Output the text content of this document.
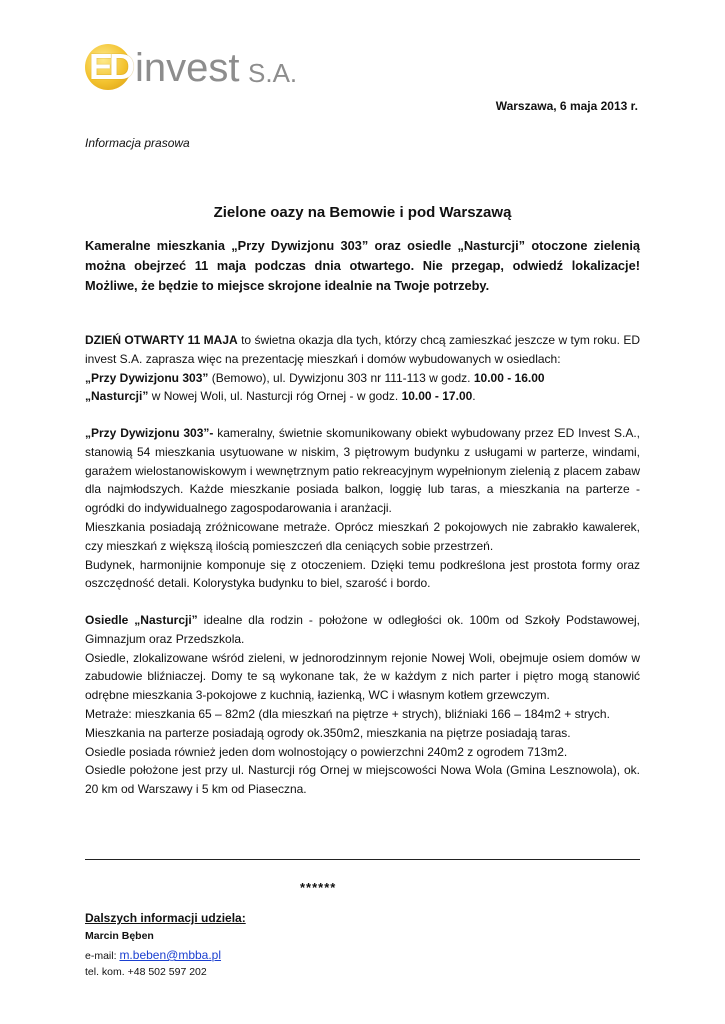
ED invest S.A.
Warszawa, 6 maja 2013 r.
Informacja prasowa
Zielone oazy na Bemowie i pod Warszawą
Kameralne mieszkania „Przy Dywizjonu 303” oraz osiedle „Nasturcji” otoczone zielenią można obejrzeć 11 maja podczas dnia otwartego. Nie przegap, odwiedź lokalizacje! Możliwe, że będzie to miejsce skrojone idealnie na Twoje potrzeby.

DZIEŃ OTWARTY 11 MAJA to świetna okazja dla tych, którzy chcą zamieszkać jeszcze w tym roku. ED invest S.A. zaprasza więc na prezentację mieszkań i domów wybudowanych w osiedlach:

„Przy Dywizjonu 303” (Bemowo), ul. Dywizjonu 303 nr 111-113 w godz. 10.00 - 16.00

„Nasturcji” w Nowej Woli, ul. Nasturcji róg Ornej - w godz. 10.00 - 17.00.

„Przy Dywizjonu 303”- kameralny, świetnie skomunikowany obiekt wybudowany przez ED Invest S.A., stanowią 54 mieszkania usytuowane w niskim, 3 piętrowym budynku z usługami w parterze, windami, garażem wielostanowiskowym i wewnętrznym patio rekreacyjnym wypełnionym zielenią z placem zabaw dla najmłodszych. Każde mieszkanie posiada balkon, loggię lub taras, a mieszkania na parterze - ogródki do indywidualnego zagospodarowania i aranżacji.

Mieszkania posiadają zróżnicowane metraże. Oprócz mieszkań 2 pokojowych nie zabrakło kawalerek, czy mieszkań z większą ilością pomieszczeń dla ceniących sobie przestrzeń.

Budynek, harmonijnie komponuje się z otoczeniem. Dzięki temu podkreślona jest prostota formy oraz oszczędność detali. Kolorystyka budynku to biel, szarość i bordo.

Osiedle „Nasturcji” idealne dla rodzin - położone w odległości ok. 100m od Szkoły Podstawowej, Gimnazjum oraz Przedszkola.

Osiedle, zlokalizowane wśród zieleni, w jednorodzinnym rejonie Nowej Woli, obejmuje osiem domów w zabudowie bliźniaczej. Domy te są wykonane tak, że w każdym z nich parter i piętro mogą stanowić odrębne mieszkania 3-pokojowe z kuchnią, łazienką, WC i własnym kotłem grzewczym.

Metraże: mieszkania 65 – 82m2 (dla mieszkań na piętrze + strych), bliźniaki 166 – 184m2 + strych.

Mieszkania na parterze posiadają ogrody ok.350m2, mieszkania na piętrze posiadają taras.

Osiedle posiada również jeden dom wolnostojący o powierzchni 240m2 z ogrodem 713m2.

Osiedle położone jest przy ul. Nasturcji róg Ornej w miejscowości Nowa Wola (Gmina Lesznowola), ok. 20 km od Warszawy i 5 km od Piaseczna.

******
Dalszych informacji udziela:
Marcin Bęben
e-mail: m.beben@mbba.pl
tel. kom. +48 502 597 202
